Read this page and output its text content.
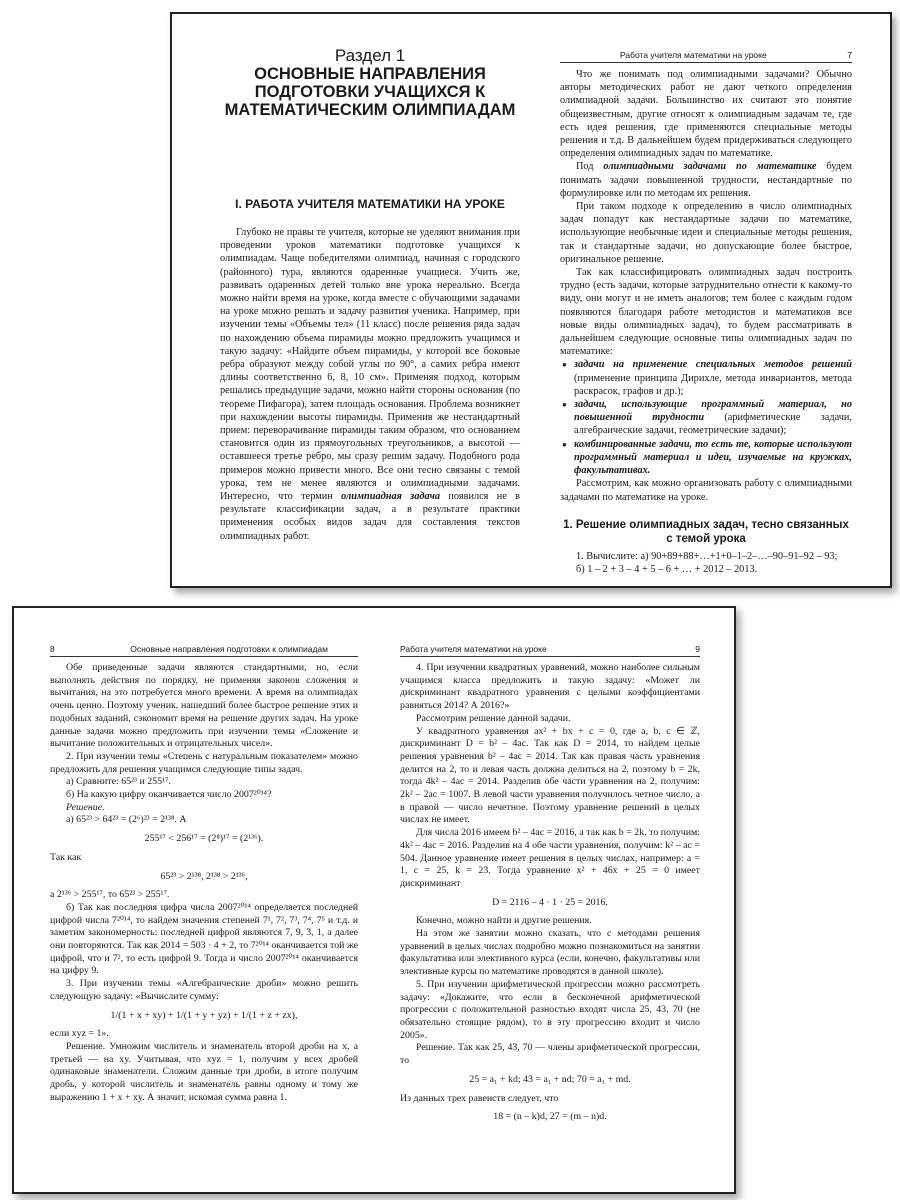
Раздел 1
ОСНОВНЫЕ НАПРАВЛЕНИЯ ПОДГОТОВКИ УЧАЩИХСЯ К МАТЕМАТИЧЕСКИМ ОЛИМПИАДАМ
I. РАБОТА УЧИТЕЛЯ МАТЕМАТИКИ НА УРОКЕ

Глубоко не правы те учителя, которые не уделяют внимания при проведении уроков математики подготовке учащихся к олимпиадам. Чаще победителями олимпиад, начиная с городского (районного) тура, являются одаренные учащиеся. Учить же, развивать одаренных детей только вне урока нереально. Всегда можно найти время на уроке, когда вместе с обучающими задачами на уроке можно решать и задачу развития ученика. Например, при изучении темы «Объемы тел» (11 класс) после решения ряда задач по нахождению объема пирамиды можно предложить учащимся и такую задачу: «Найдите объем пирамиды, у которой все боковые ребра образуют между собой углы по 90°, а самих ребра имеют длины соответственно 6, 8, 10 см». Применяя подход, которым решались предыдущие задачи, можно найти стороны основания (по теореме Пифагора), затем площадь основания. Проблема возникнет при нахождении высоты пирамиды. Применив же нестандартный прием: переворачивание пирамиды таким образом, что основанием становится один из прямоугольных треугольников, а высотой — оставшееся третье ребро, мы сразу решим задачу. Подобного рода примеров можно привести много. Все они тесно связаны с темой урока, тем не менее являются и олимпиадными задачами. Интересно, что термин олимпиадная задача появился не в результате классификации задач, а в результате практики применения особых видов задач для составления текстов олимпиадных работ.

Работа учителя математики на уроке	7

Что же понимать под олимпиадными задачами? Обычно авторы методических работ не дают четкого определения олимпиадной задачи. Большинство их считают это понятие общеизвестным, другие относят к олимпиадным задачам те, где есть идея решения, где применяются специальные методы решения и т.д. В дальнейшем будем придерживаться следующего определения олимпиадных задач по математике.

Под олимпиадными задачами по математике будем понимать задачи повышенной трудности, нестандартные по формулировке или по методам их решения.

При таком подходе к определению в число олимпиадных задач попадут как нестандартные задачи по математике, использующие необычные идеи и специальные методы решения, так и стандартные задачи, но допускающие более быстрое, оригинальное решение.

Так как классифицировать олимпиадных задач построить трудно (есть задачи, которые затруднительно отнести к какому-то виду, они могут и не иметь аналогов; тем более с каждым годом появляются благодаря работе методистов и математиков все новые виды олимпиадных задач), то будем рассматривать в дальнейшем следующие основные типы олимпиадных задач по математике:

● задачи на применение специальных методов решений (применение принципа Дирихле, метода инвариантов, метода раскрасок, графов и др.);
● задачи, использующие программный материал, но повышенной трудности (арифметические задачи, алгебраические задачи, геометрические задачи);
● комбинированные задачи, то есть те, которые используют программный материал и идеи, изучаемые на кружках, факультативах.

Рассмотрим, как можно организовать работу с олимпиадными задачами по математике на уроке.

1. Решение олимпиадных задач, тесно связанных с темой урока

1. Вычислите: а) 90+89+88+…+1+0–1–2–…–90–91–92 – 93;

б) 1 – 2 + 3 – 4 + 5 – 6 + … + 2012 – 2013.

8	Основные направления подготовки к олимпиадам

Обе приведенные задачи являются стандартными, но, если выполнять действия по порядку, не применяя законов сложения и вычитания, на это потребуется много времени. А время на олимпиадах очень ценно. Поэтому ученик, нашедший более быстрое решение этих и подобных заданий, сэкономит время на решение других задач. На уроке данные задачи можно предложить при изучении темы «Сложение и вычитание положительных и отрицательных чисел».

2. При изучении темы «Степень с натуральным показателем» можно предложить для решения учащимся следующие типы задач.

а) Сравните: 65²³ и 255¹⁷.

б) На какую цифру оканчивается число 2007²⁰¹⁴?

Решение.

а) 65²³ > 64²³ = (2⁶)²³ = 2¹³⁸. А

255¹⁷ < 256¹⁷ = (2⁸)¹⁷ = (2¹³⁶).

Так как

65²³ > 2¹³⁸, 2¹³⁸ > 2¹³⁶,

а 2¹³⁶ > 255¹⁷, то 65²³ > 255¹⁷.

б) Так как последняя цифра числа 2007²⁰¹⁴ определяется последней цифрой числа 7²⁰¹⁴, то найдем значения степеней 7¹, 7², 7³, 7⁴, 7⁵ и т.д. и заметим закономерность: последней цифрой являются 7, 9, 3, 1, а далее они повторяются. Так как 2014 = 503 · 4 + 2, то 7²⁰¹⁴ оканчивается той же цифрой, что и 7², то есть цифрой 9. Тогда и число 2007²⁰¹⁴ оканчивается на цифру 9.

3. При изучении темы «Алгебраические дроби» можно решить следующую задачу: «Вычислите сумму:

1/(1 + x + xy) + 1/(1 + y + yz) + 1/(1 + z + zx),

если xyz = 1».

Решение. Умножим числитель и знаменатель второй дроби на x, а третьей — на xy. Учитывая, что xyz = 1, получим у всех дробей одинаковые знаменатели. Сложим данные три дроби, в итоге получим дробь, у которой числитель и знаменатель равны одному и тому же выражению 1 + x + xy. А значит, искомая сумма равна 1.

Работа учителя математики на уроке	9

4. При изучении квадратных уравнений, можно наиболее сильным учащимся класса предложить и такую задачу: «Может ли дискриминант квадратного уравнения с целыми коэффициентами равняться 2014? А 2016?»

Рассмотрим решение данной задачи.

У квадратного уравнения ax² + bx + c = 0, где a, b, c ∈ ℤ, дискриминант D = b² – 4ac. Так как D = 2014, то найдем целые решения уравнения b² – 4ac = 2014. Так как правая часть уравнения делится на 2, то и левая часть должна делиться на 2, поэтому b = 2k, тогда 4k² – 4ac = 2014. Разделив обе части уравнения на 2, получим: 2k² – 2ac = 1007. В левой части уравнения получилось четное число, а в правой — число нечетное. Поэтому уравнение решений в целых числах не имеет.

Для числа 2016 имеем b² – 4ac = 2016, а так как b = 2k, то получим: 4k² – 4ac = 2016. Разделив на 4 обе части уравнения, получим: k² – ac = 504. Данное уравнение имеет решения в целых числах, например: a = 1, c = 25, k = 23. Тогда уравнение x² + 46x + 25 = 0 имеет дискриминант

D = 2116 – 4 · 1 · 25 = 2016.

Конечно, можно найти и другие решения.

На этом же занятии можно сказать, что с методами решения уравнений в целых числах подробно можно познакомиться на занятии факультатива или элективного курса (если, конечно, факультативы или элективные курсы по математике проводятся в данной школе).

5. При изучении арифметической прогрессии можно рассмотреть задачу: «Докажите, что если в бесконечной арифметической прогрессии с положительной разностью входят числа 25, 43, 70 (не обязательно стоящие рядом), то в эту прогрессию входит и число 2005».

Решение. Так как 25, 43, 70 — члены арифметической прогрессии, то

25 = a₁ + kd; 43 = a₁ + nd; 70 = a₁ + md.

Из данных трех равенств следует, что

18 = (n – k)d, 27 = (m – n)d.
